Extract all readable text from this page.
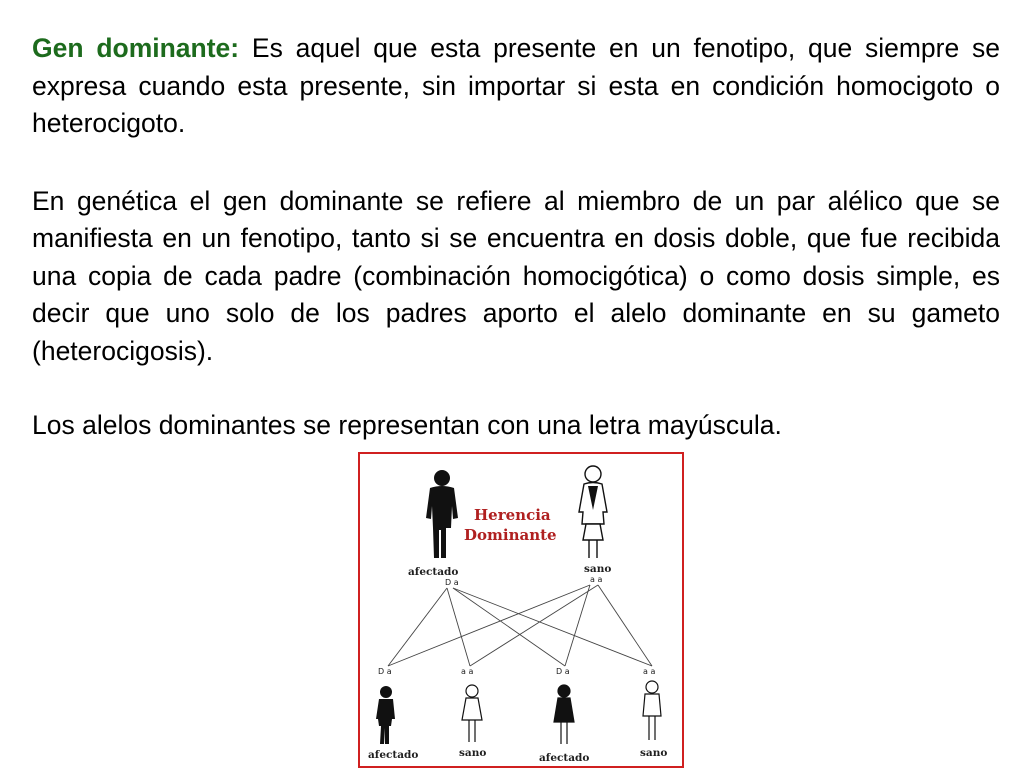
Gen dominante: Es aquel que esta presente en un fenotipo, que siempre se expresa cuando esta presente, sin importar si esta en condición homocigoto o heterocigoto.

En genética el gen dominante se refiere al miembro de un par alélico que se manifiesta en un fenotipo, tanto si se encuentra en dosis doble, que fue recibida una copia de cada padre (combinación homocigótica) o como dosis simple, es decir que uno solo de los padres aporto el alelo dominante en su gameto (heterocigosis).

Los alelos dominantes se representan con una letra mayúscula.

Herencia
Dominante
afectado	sano
D a	a a
D a	a a	D a	a a
afectado	sano	afectado	sano
